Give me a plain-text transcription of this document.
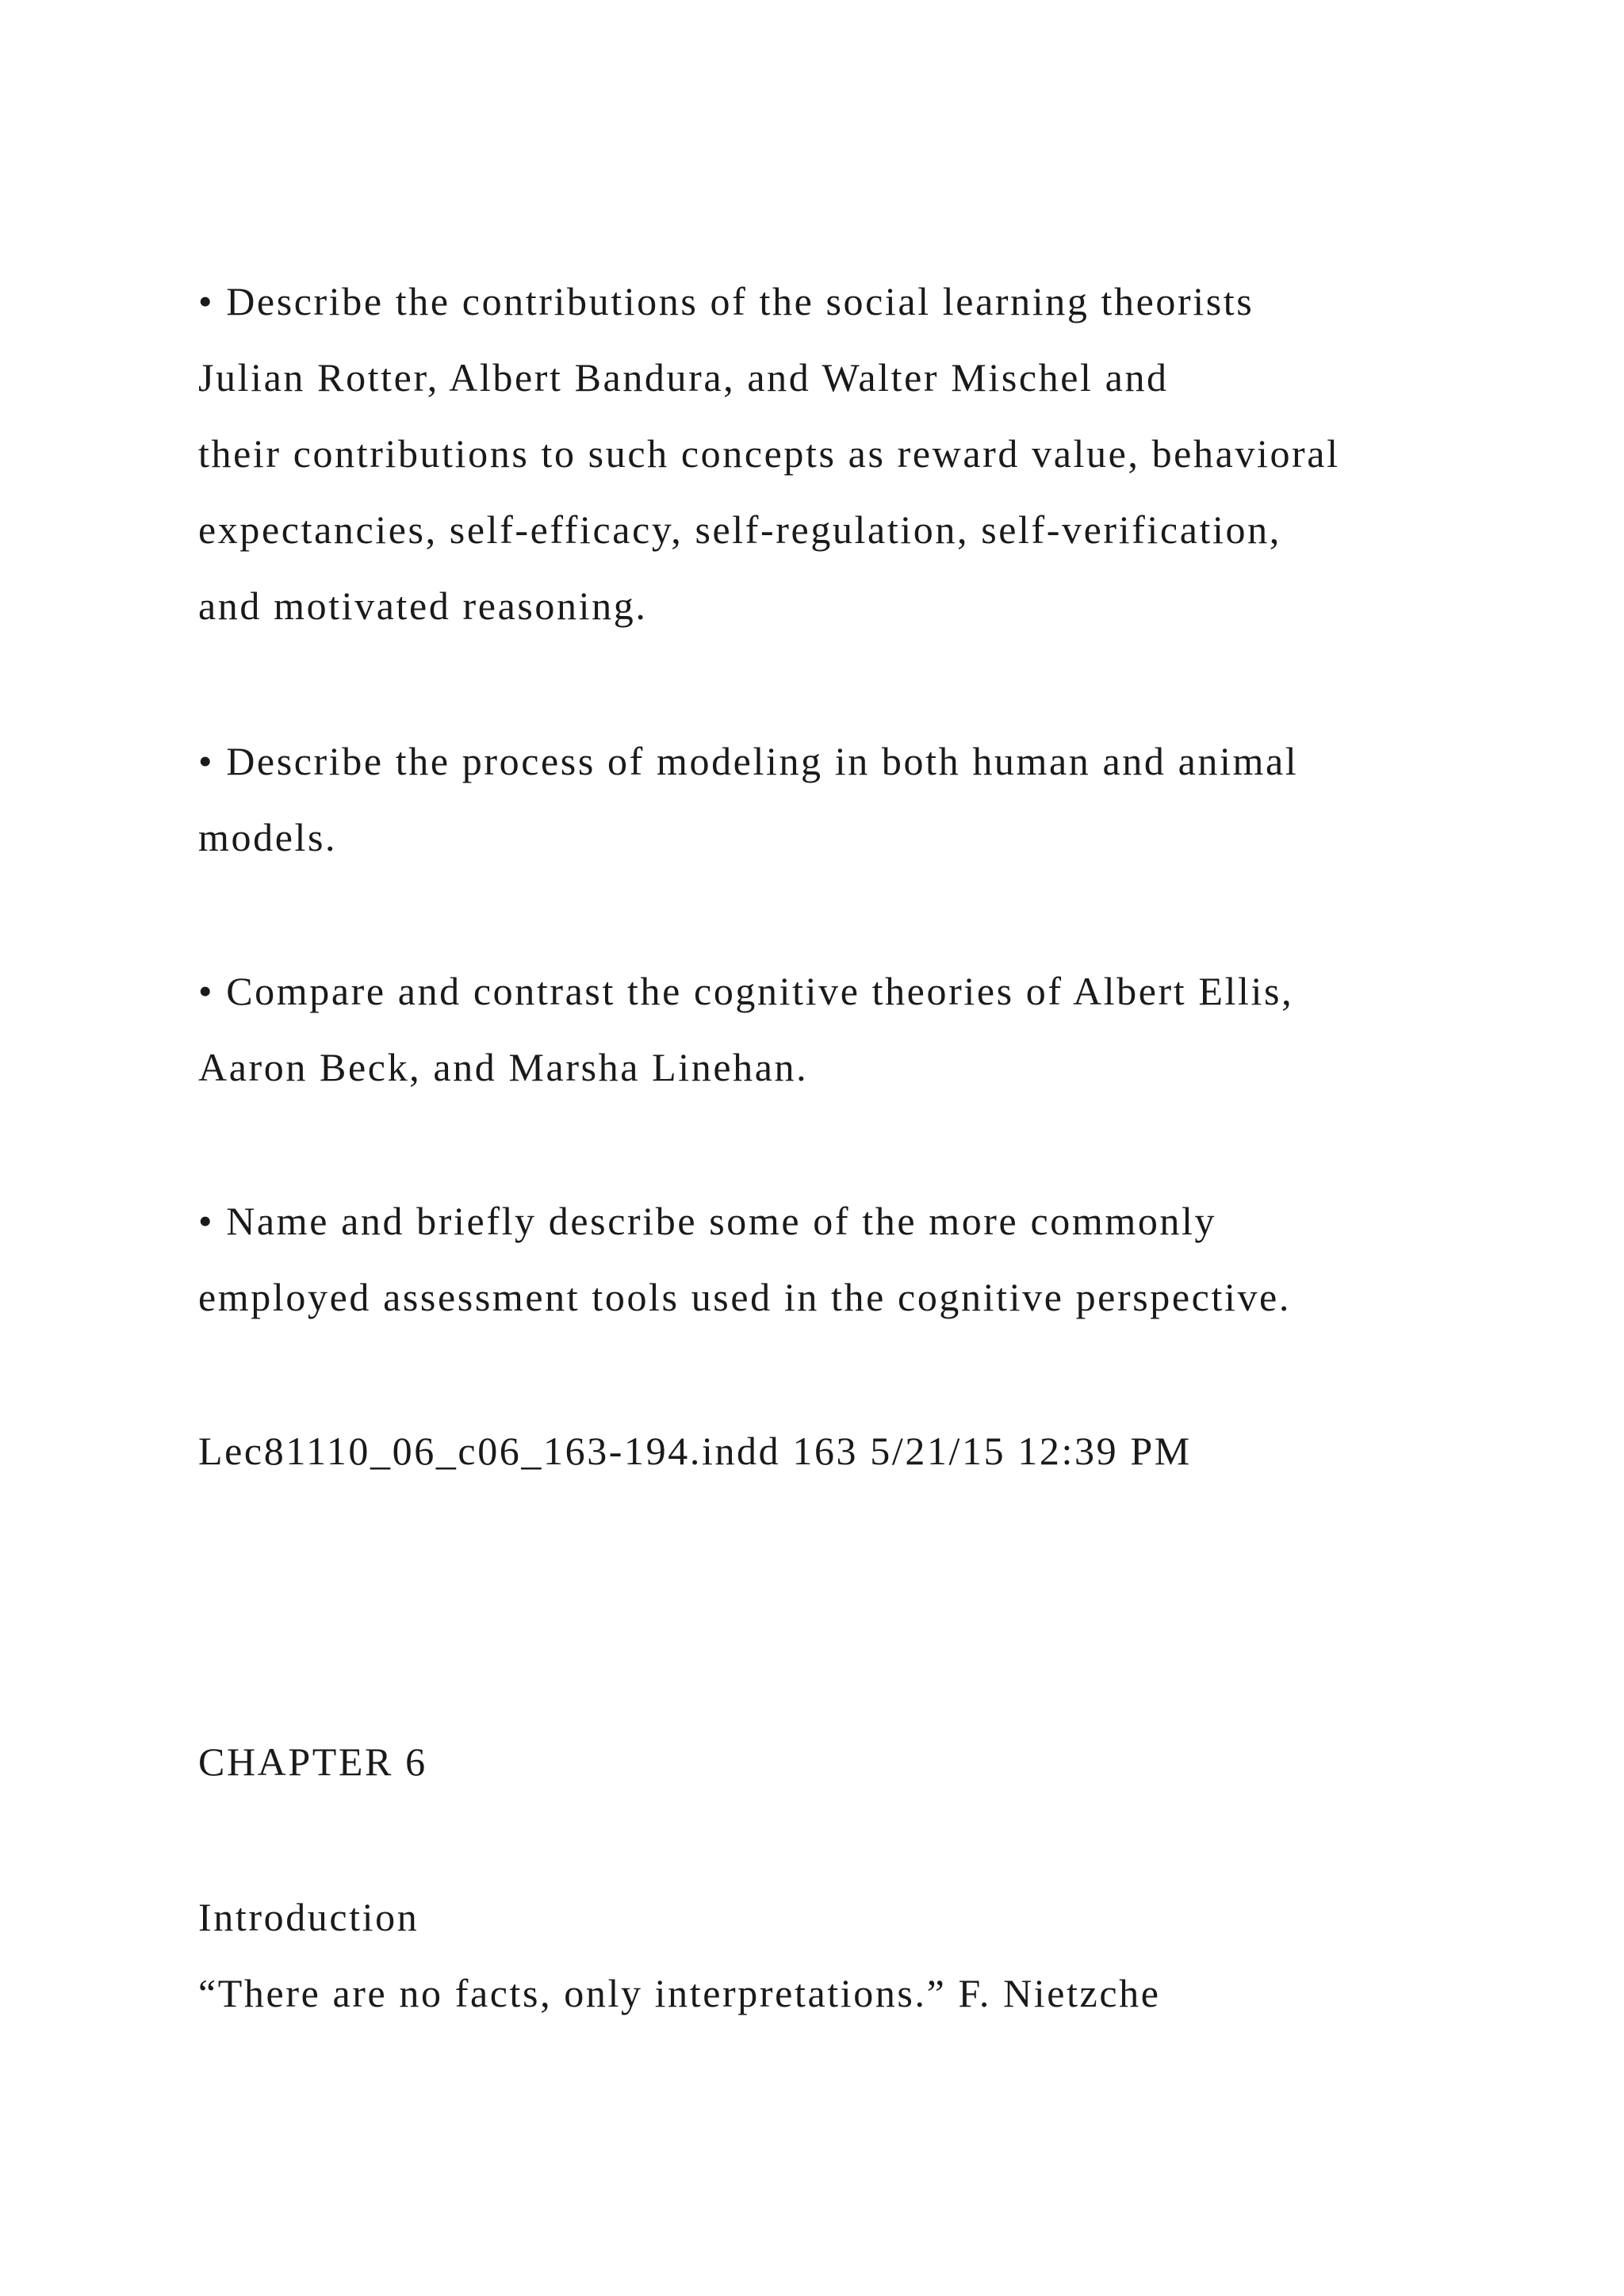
• Describe the contributions of the social learning theorists

Julian Rotter, Albert Bandura, and Walter Mischel and

their contributions to such concepts as reward value, behavioral

expectancies, self-efficacy, self-regulation, self-verification,

and motivated reasoning.

• Describe the process of modeling in both human and animal

models.

• Compare and contrast the cognitive theories of Albert Ellis,

Aaron Beck, and Marsha Linehan.

• Name and briefly describe some of the more commonly

employed assessment tools used in the cognitive perspective.

Lec81110_06_c06_163-194.indd 163 5/21/15 12:39 PM

CHAPTER 6

Introduction

“There are no facts, only interpretations.” F. Nietzche
